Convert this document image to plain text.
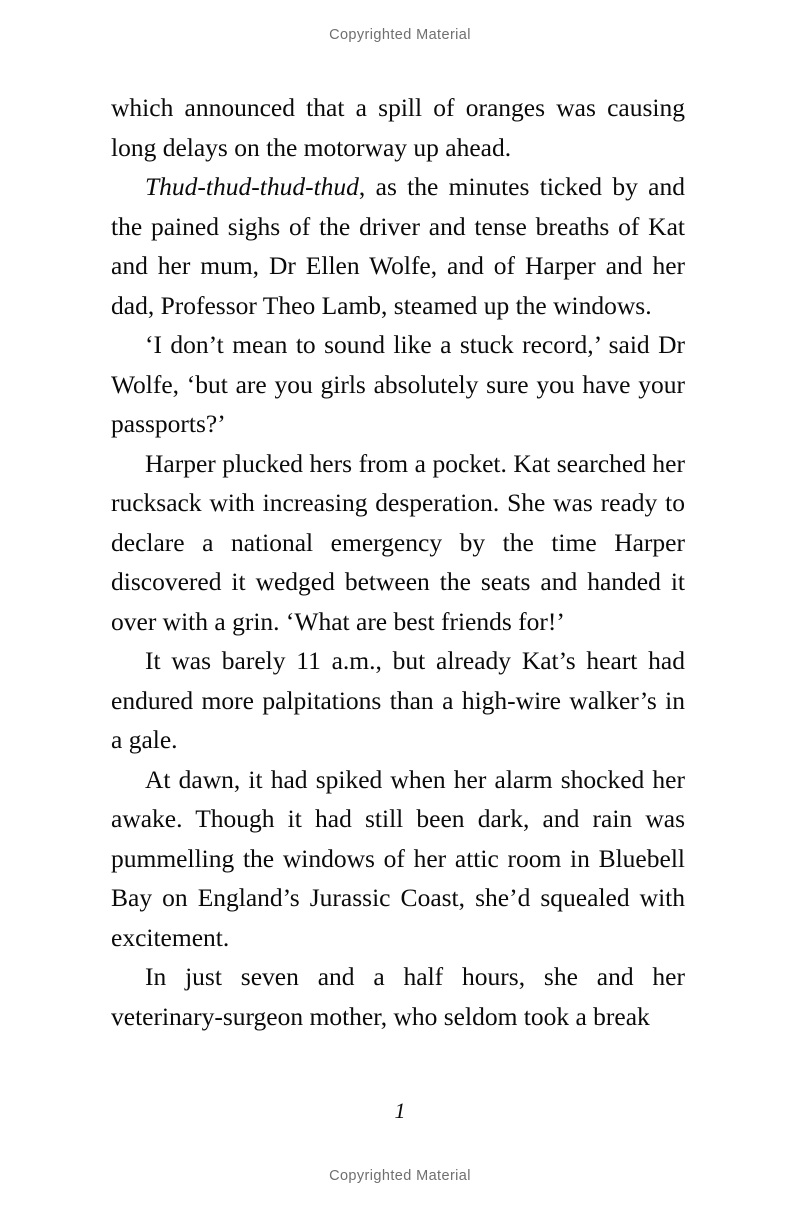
Copyrighted Material

which announced that a spill of oranges was causing long delays on the motorway up ahead.

Thud-thud-thud-thud, as the minutes ticked by and the pained sighs of the driver and tense breaths of Kat and her mum, Dr Ellen Wolfe, and of Harper and her dad, Professor Theo Lamb, steamed up the windows.

‘I don’t mean to sound like a stuck record,’ said Dr Wolfe, ‘but are you girls absolutely sure you have your passports?’

Harper plucked hers from a pocket. Kat searched her rucksack with increasing desperation. She was ready to declare a national emergency by the time Harper discovered it wedged between the seats and handed it over with a grin. ‘What are best friends for!’

It was barely 11 a.m., but already Kat’s heart had endured more palpitations than a high-wire walker’s in a gale.

At dawn, it had spiked when her alarm shocked her awake. Though it had still been dark, and rain was pummelling the windows of her attic room in Bluebell Bay on England’s Jurassic Coast, she’d squealed with excitement.

In just seven and a half hours, she and her veterinary-surgeon mother, who seldom took a break

1
Copyrighted Material
